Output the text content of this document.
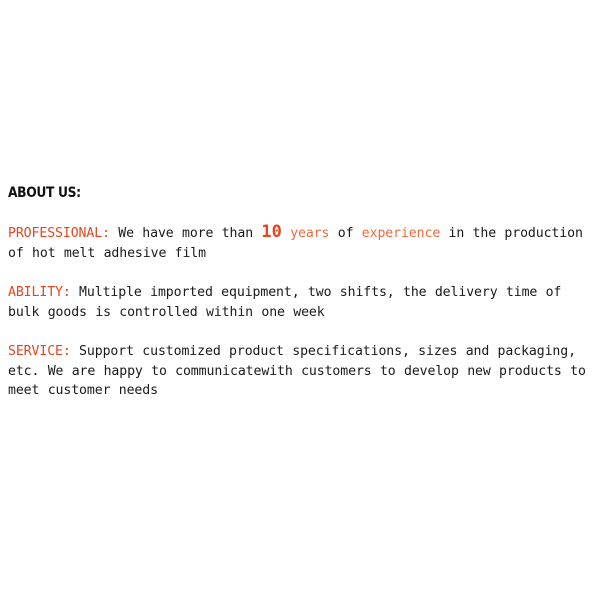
ABOUT US:

PROFESSIONAL: We have more than 10 years of experience in the production of hot melt adhesive film

ABILITY: Multiple imported equipment, two shifts, the delivery time of bulk goods is controlled within one week

SERVICE: Support customized product specifications, sizes and packaging, etc. We are happy to communicatewith customers to develop new products to meet customer needs
